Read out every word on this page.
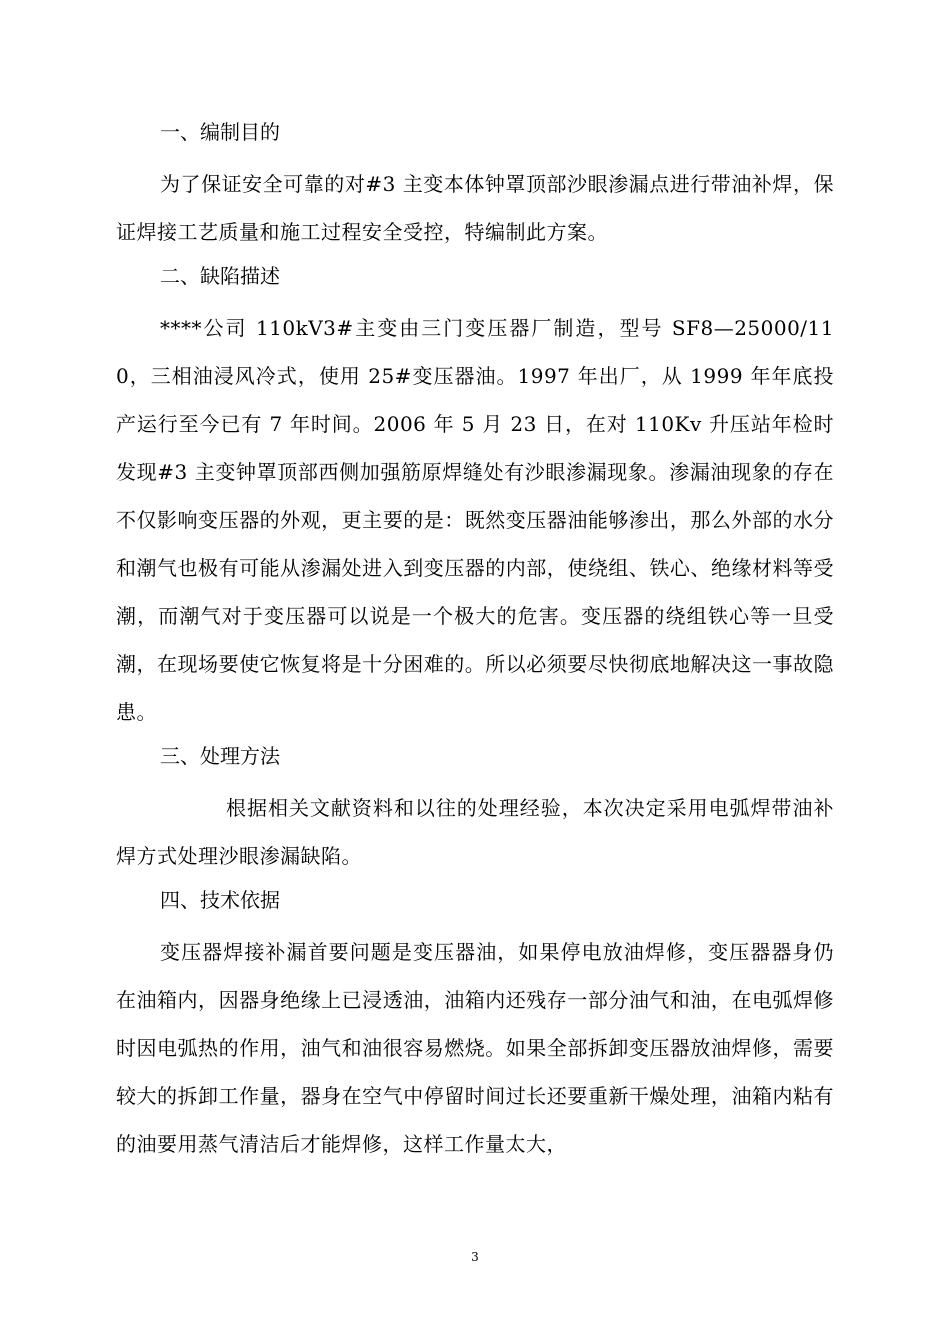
一、编制目的

为了保证安全可靠的对#3 主变本体钟罩顶部沙眼渗漏点进行带油补焊，保证焊接工艺质量和施工过程安全受控，特编制此方案。

二、缺陷描述

****公司 110kV3#主变由三门变压器厂制造，型号 SF8—25000/110，三相油浸风冷式，使用 25#变压器油。1997 年出厂，从 1999 年年底投产运行至今已有 7 年时间。2006 年 5 月 23 日，在对 110Kv 升压站年检时发现#3 主变钟罩顶部西侧加强筋原焊缝处有沙眼渗漏现象。渗漏油现象的存在不仅影响变压器的外观，更主要的是：既然变压器油能够渗出，那么外部的水分和潮气也极有可能从渗漏处进入到变压器的内部，使绕组、铁心、绝缘材料等受潮，而潮气对于变压器可以说是一个极大的危害。变压器的绕组铁心等一旦受潮，在现场要使它恢复将是十分困难的。所以必须要尽快彻底地解决这一事故隐患。

三、处理方法

根据相关文献资料和以往的处理经验，本次决定采用电弧焊带油补焊方式处理沙眼渗漏缺陷。

四、技术依据

变压器焊接补漏首要问题是变压器油，如果停电放油焊修，变压器器身仍在油箱内，因器身绝缘上已浸透油，油箱内还残存一部分油气和油，在电弧焊修时因电弧热的作用，油气和油很容易燃烧。如果全部拆卸变压器放油焊修，需要较大的拆卸工作量，器身在空气中停留时间过长还要重新干燥处理，油箱内粘有的油要用蒸气清洁后才能焊修，这样工作量太大，

3
